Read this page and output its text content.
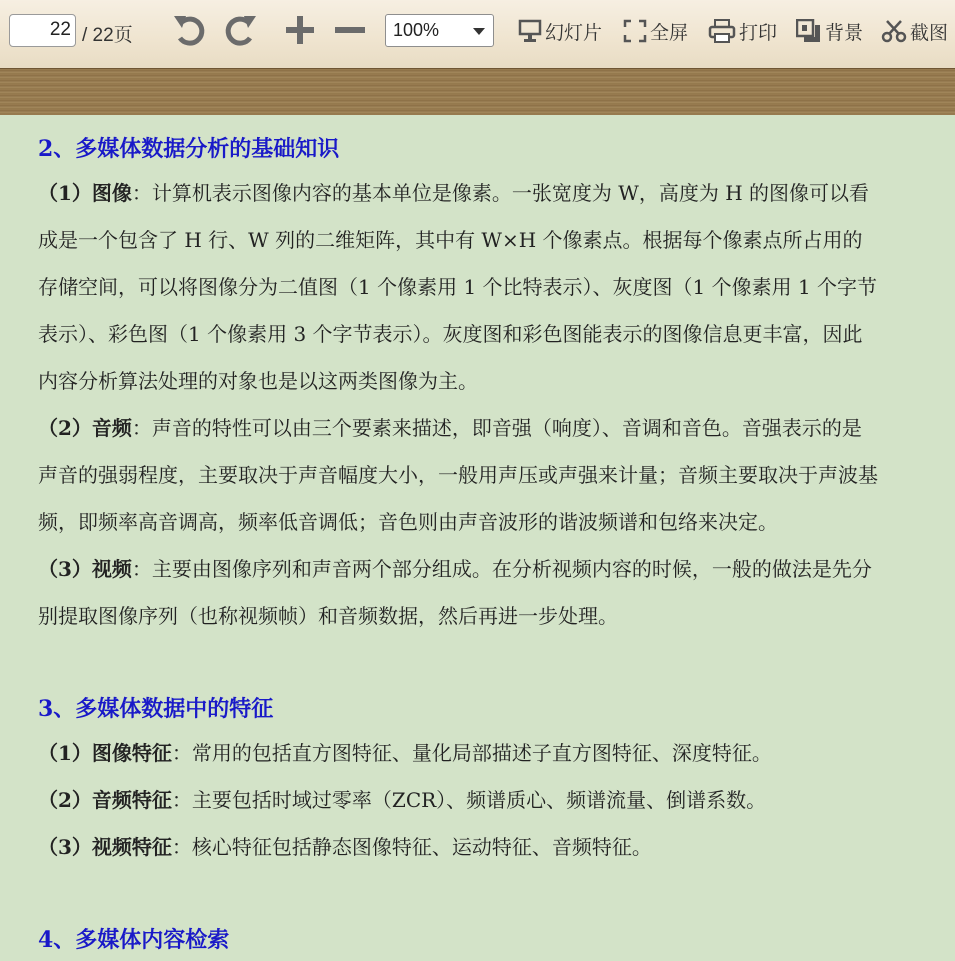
22 / 22页	100%	幻灯片	全屏	打印	背景 截图
2、多媒体数据分析的基础知识

（1）图像：计算机表示图像内容的基本单位是像素。一张宽度为 W，高度为 H 的图像可以看成是一个包含了 H 行、W 列的二维矩阵，其中有 W×H 个像素点。根据每个像素点所占用的存储空间，可以将图像分为二值图（1 个像素用 1 个比特表示）、灰度图（1 个像素用 1 个字节表示）、彩色图（1 个像素用 3 个字节表示）。灰度图和彩色图能表示的图像信息更丰富，因此内容分析算法处理的对象也是以这两类图像为主。

（2）音频：声音的特性可以由三个要素来描述，即音强（响度）、音调和音色。音强表示的是声音的强弱程度，主要取决于声音幅度大小，一般用声压或声强来计量；音频主要取决于声波基频，即频率高音调高，频率低音调低；音色则由声音波形的谐波频谱和包络来决定。

（3）视频：主要由图像序列和声音两个部分组成。在分析视频内容的时候，一般的做法是先分别提取图像序列（也称视频帧）和音频数据，然后再进一步处理。

3、多媒体数据中的特征

（1）图像特征：常用的包括直方图特征、量化局部描述子直方图特征、深度特征。

（2）音频特征：主要包括时域过零率（ZCR）、频谱质心、频谱流量、倒谱系数。

（3）视频特征：核心特征包括静态图像特征、运动特征、音频特征。

4、多媒体内容检索
